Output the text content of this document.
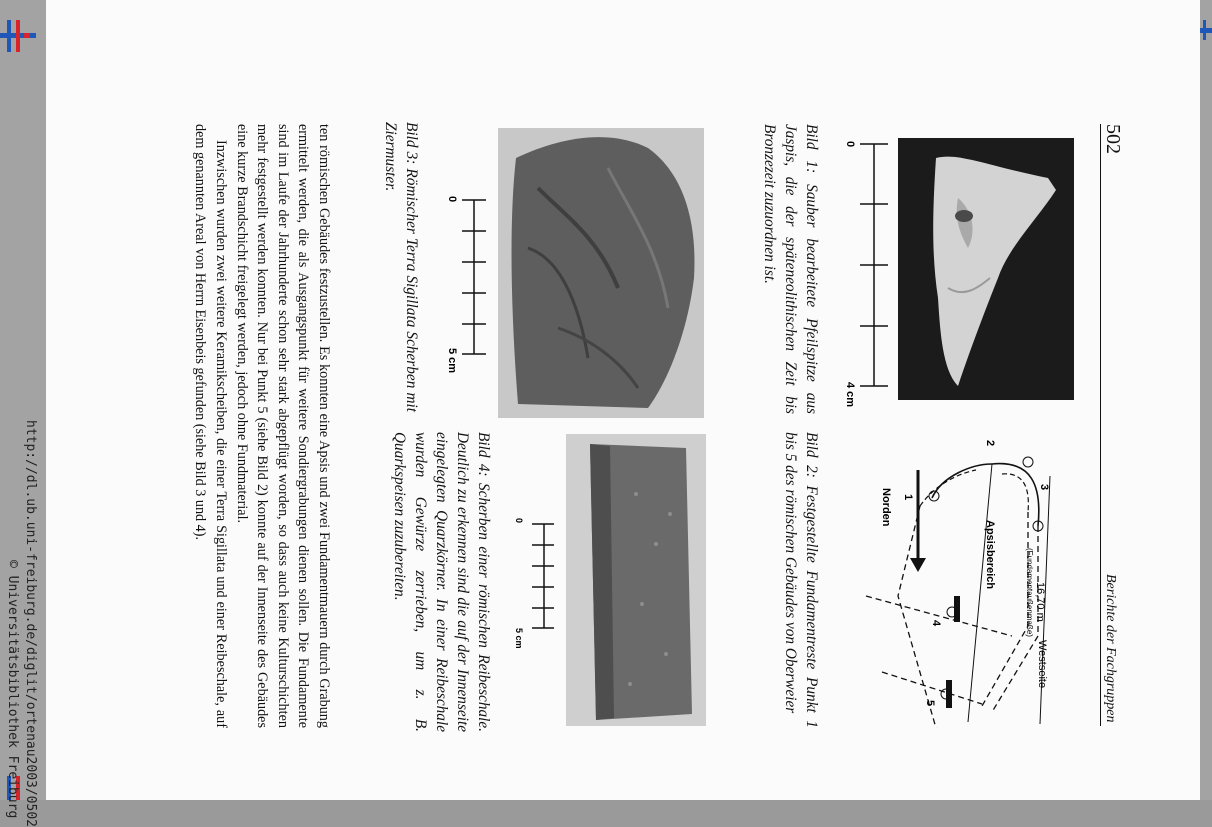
http://dl.ub.uni-freiburg.de/diglit/ortenau2003/0502
© Universitätsbibliothek Freiburg
502
Berichte der Fachgruppen
0
4 cm
Bild 1: Sauber bearbeitete Pfeilspitze aus Jaspis, die der späteneolithischen Zeit bis Bronzezeit zuzuordnen ist.
Westseite
16,70 m
(Fundamentaußenmaße)
Apsisbereich
Norden 1
2
3
4
5
Bild 2: Festgestellte Fundamentreste Punkt 1 bis 5 des römischen Gebäudes von Oberweier
0
5 cm
Bild 3: Römischer Terra Sigillata Scherben mit Ziermuster.
0
5 cm
Bild 4: Scherben einer römischen Reibeschale. Deutlich zu erkennen sind die auf der Innenseite eingelegten Quarzkörner. In einer Reibeschale wurden Gewürze zerrieben, um z. B. Quarkspeisen zuzubereiten.

ten römischen Gebäudes festzustellen. Es konnten eine Apsis und zwei Fundamentmauern durch Grabung ermittelt werden, die als Ausgangspunkt für weitere Sondiergrabungen dienen sollen. Die Fundamente sind im Laufe der Jahrhunderte schon sehr stark abgepflügt worden, so dass auch keine Kulturschichten mehr festgestellt werden konnten. Nur bei Punkt 5 (siehe Bild 2) konnte auf der Innenseite des Gebäudes eine kurze Brandschicht freigelegt werden, jedoch ohne Fundmaterial.

Inzwischen wurden zwei weitere Keramikscheiben, die einer Terra Sigillata und einer Reibeschale, auf dem genannten Areal von Herrn Eisenbeis gefunden (siehe Bild 3 und 4).
